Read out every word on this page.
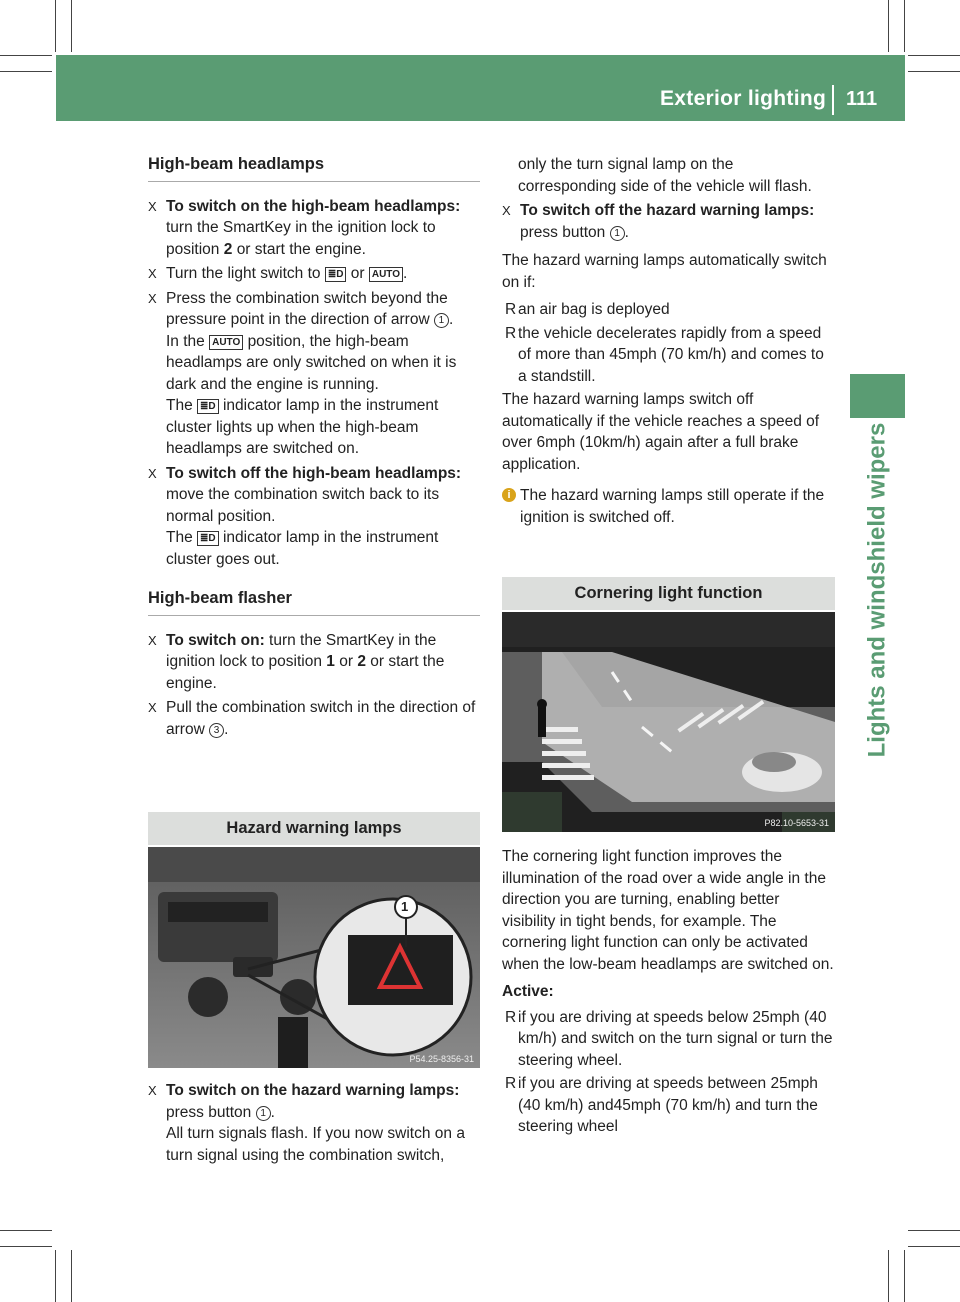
Exterior lighting 111
Lights and windshield wipers

High-beam headlamps

X To switch on the high-beam headlamps: turn the SmartKey in the ignition lock to position 2 or start the engine.

X Turn the light switch to ≣D or AUTO .

X Press the combination switch beyond the pressure point in the direction of arrow 1 .

In the AUTO position, the high-beam headlamps are only switched on when it is dark and the engine is running.

The ≣D indicator lamp in the instrument cluster lights up when the high-beam headlamps are switched on.

X To switch off the high-beam headlamps: move the combination switch back to its normal position.

The ≣D indicator lamp in the instrument cluster goes out.

High-beam flasher

X To switch on: turn the SmartKey in the ignition lock to position 1 or 2 or start the engine.

X Pull the combination switch in the direction of arrow 3 .

Hazard warning lamps

1
P54.25-8356-31

X To switch on the hazard warning lamps: press button 1 .

All turn signals flash. If you now switch on a turn signal using the combination switch,

only the turn signal lamp on the corresponding side of the vehicle will flash.

X To switch off the hazard warning lamps: press button 1 .

The hazard warning lamps automatically switch on if:

R an air bag is deployed

R the vehicle decelerates rapidly from a speed of more than 45mph (70 km/h) and comes to a standstill.

The hazard warning lamps switch off automatically if the vehicle reaches a speed of over 6mph (10km/h) again after a full brake application.

i The hazard warning lamps still operate if the ignition is switched off.

Cornering light function

P82.10-5653-31

The cornering light function improves the illumination of the road over a wide angle in the direction you are turning, enabling better visibility in tight bends, for example. The cornering light function can only be activated when the low-beam headlamps are switched on.

Active:

R if you are driving at speeds below 25mph (40 km/h) and switch on the turn signal or turn the steering wheel.

R if you are driving at speeds between 25mph (40 km/h) and45mph (70 km/h) and turn the steering wheel
